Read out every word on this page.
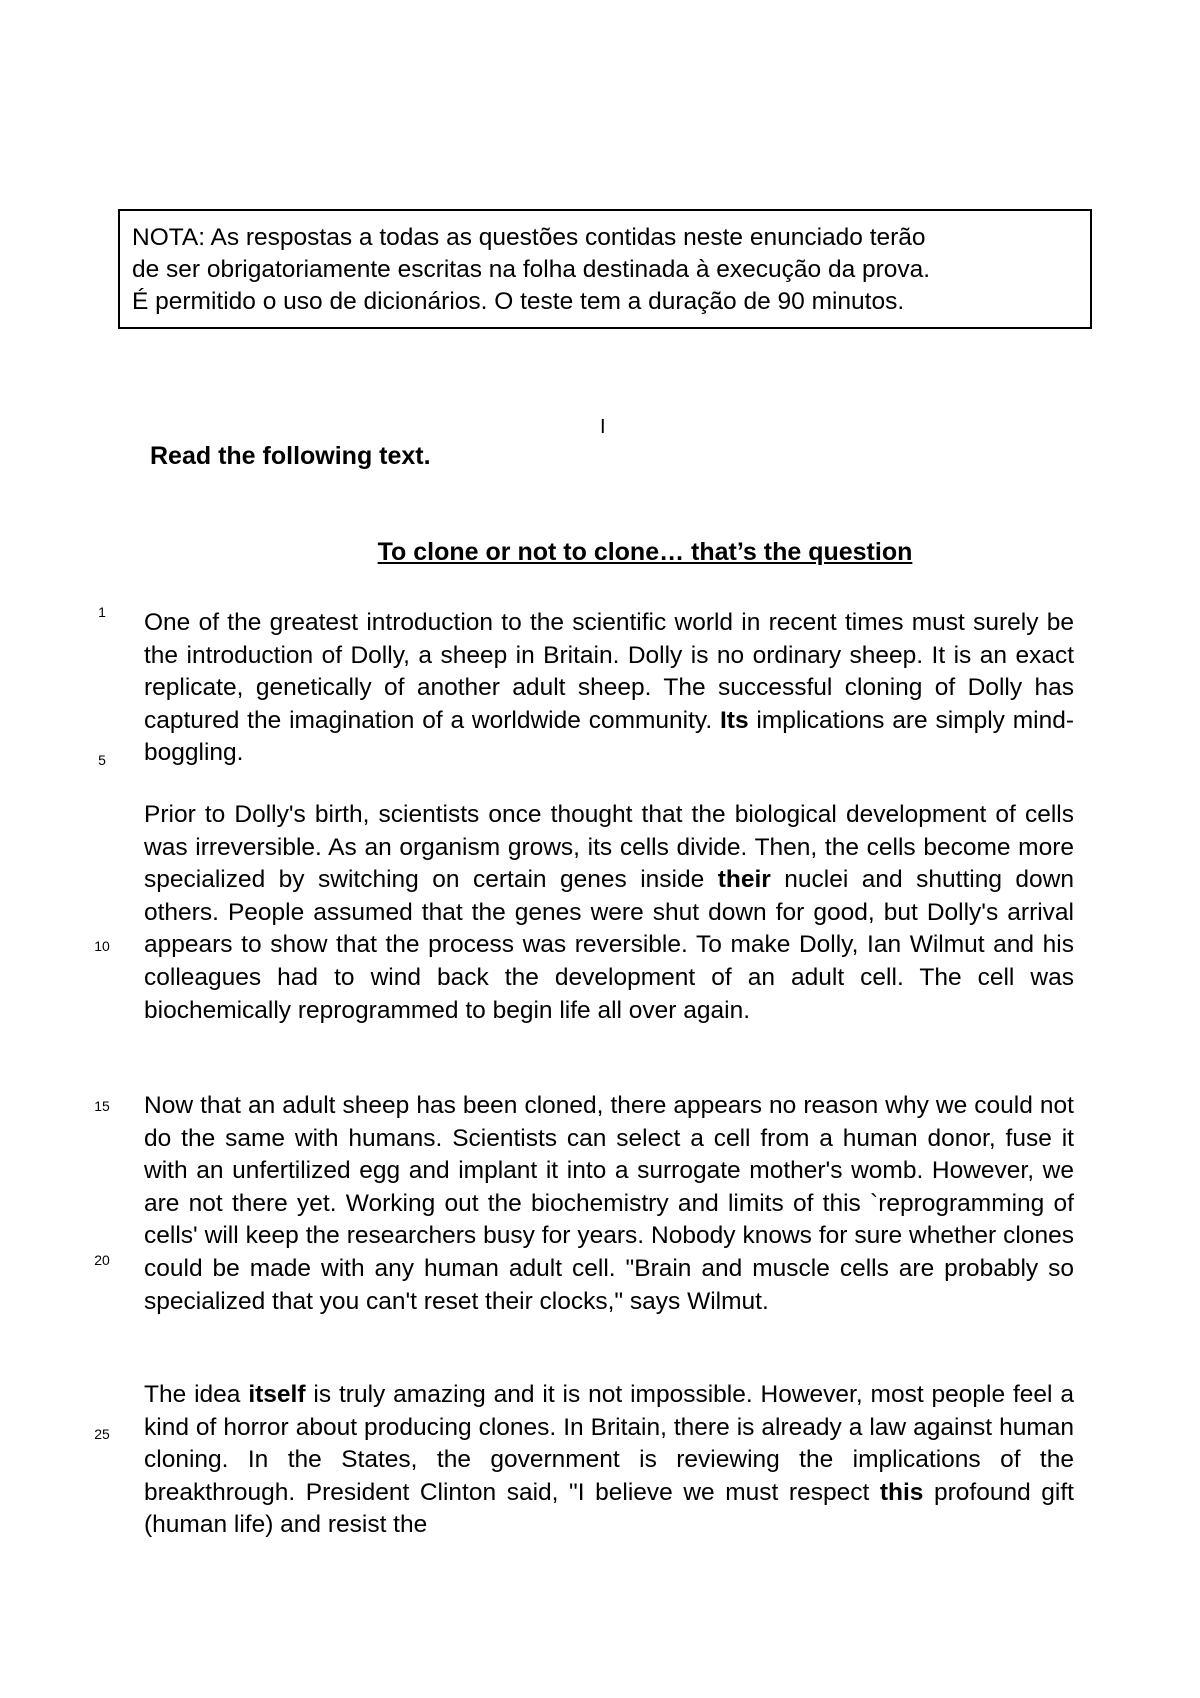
NOTA: As respostas a todas as questões contidas neste enunciado terão
de ser obrigatoriamente escritas na folha destinada à execução da prova.
É permitido o uso de dicionários. O teste tem a duração de 90 minutos.
I
Read the following text.
To clone or not to clone… that’s the question
1
5
10
15
20
25
One of the greatest introduction to the scientific world in recent times must surely be the introduction of Dolly, a sheep in Britain. Dolly is no ordinary sheep. It is an exact replicate, genetically of another adult sheep. The successful cloning of Dolly has captured the imagination of a worldwide community. Its implications are simply mind-boggling.
Prior to Dolly's birth, scientists once thought that the biological development of cells was irreversible. As an organism grows, its cells divide. Then, the cells become more specialized by switching on certain genes inside their nuclei and shutting down others. People assumed that the genes were shut down for good, but Dolly's arrival appears to show that the process was reversible. To make Dolly, Ian Wilmut and his colleagues had to wind back the development of an adult cell. The cell was biochemically reprogrammed to begin life all over again.
Now that an adult sheep has been cloned, there appears no reason why we could not do the same with humans. Scientists can select a cell from a human donor, fuse it with an unfertilized egg and implant it into a surrogate mother's womb. However, we are not there yet. Working out the biochemistry and limits of this `reprogramming of cells' will keep the researchers busy for years. Nobody knows for sure whether clones could be made with any human adult cell. "Brain and muscle cells are probably so specialized that you can't reset their clocks," says Wilmut.
The idea itself is truly amazing and it is not impossible. However, most people feel a kind of horror about producing clones. In Britain, there is already a law against human cloning. In the States, the government is reviewing the implications of the breakthrough. President Clinton said, "I believe we must respect this profound gift (human life) and resist the
